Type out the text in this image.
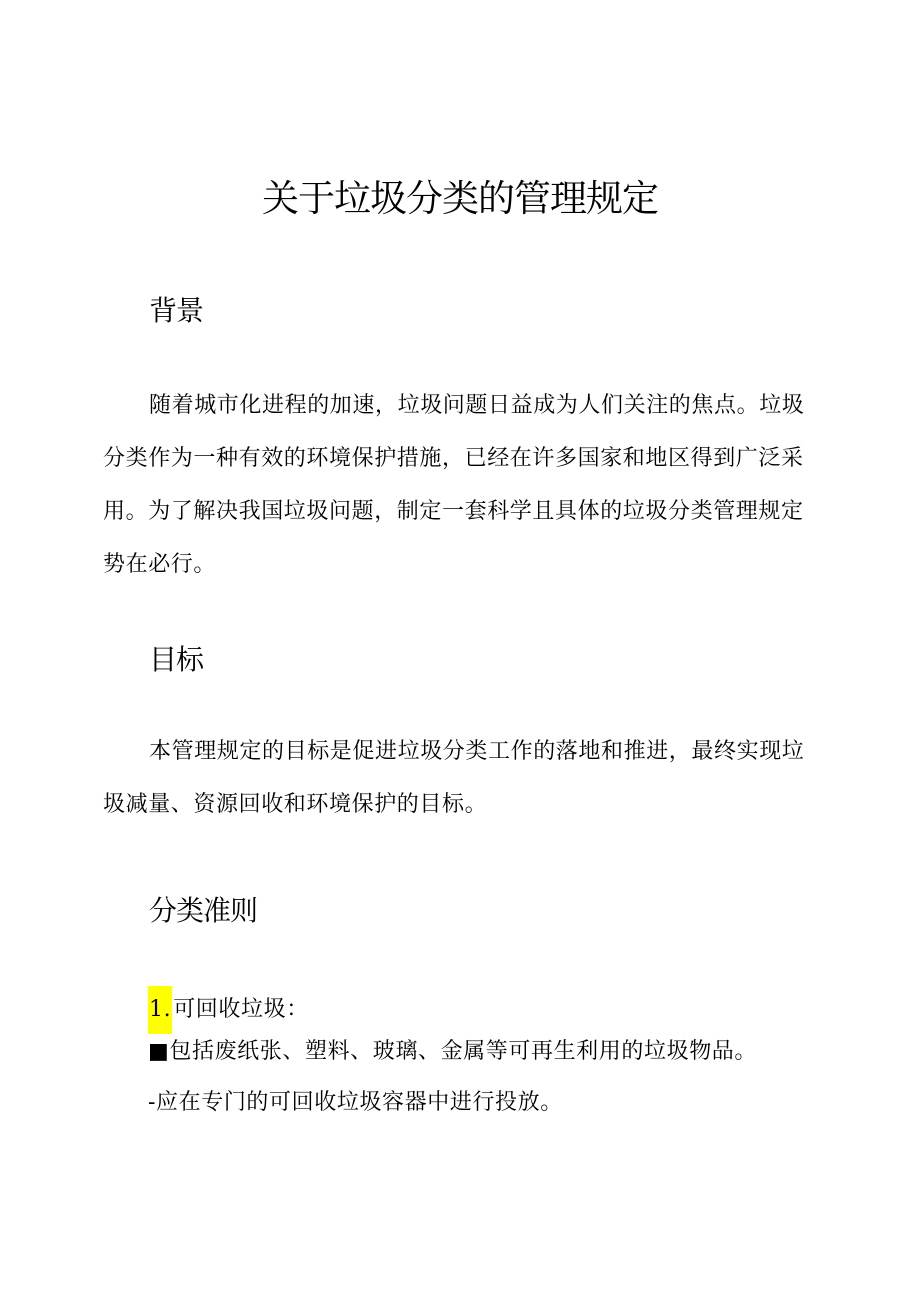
关于垃圾分类的管理规定
背景

随着城市化进程的加速，垃圾问题日益成为人们关注的焦点。垃圾分类作为一种有效的环境保护措施，已经在许多国家和地区得到广泛采用。为了解决我国垃圾问题，制定一套科学且具体的垃圾分类管理规定势在必行。

目标

本管理规定的目标是促进垃圾分类工作的落地和推进，最终实现垃圾减量、资源回收和环境保护的目标。

分类准则

1.可回收垃圾：

■包括废纸张、塑料、玻璃、金属等可再生利用的垃圾物品。

-应在专门的可回收垃圾容器中进行投放。
